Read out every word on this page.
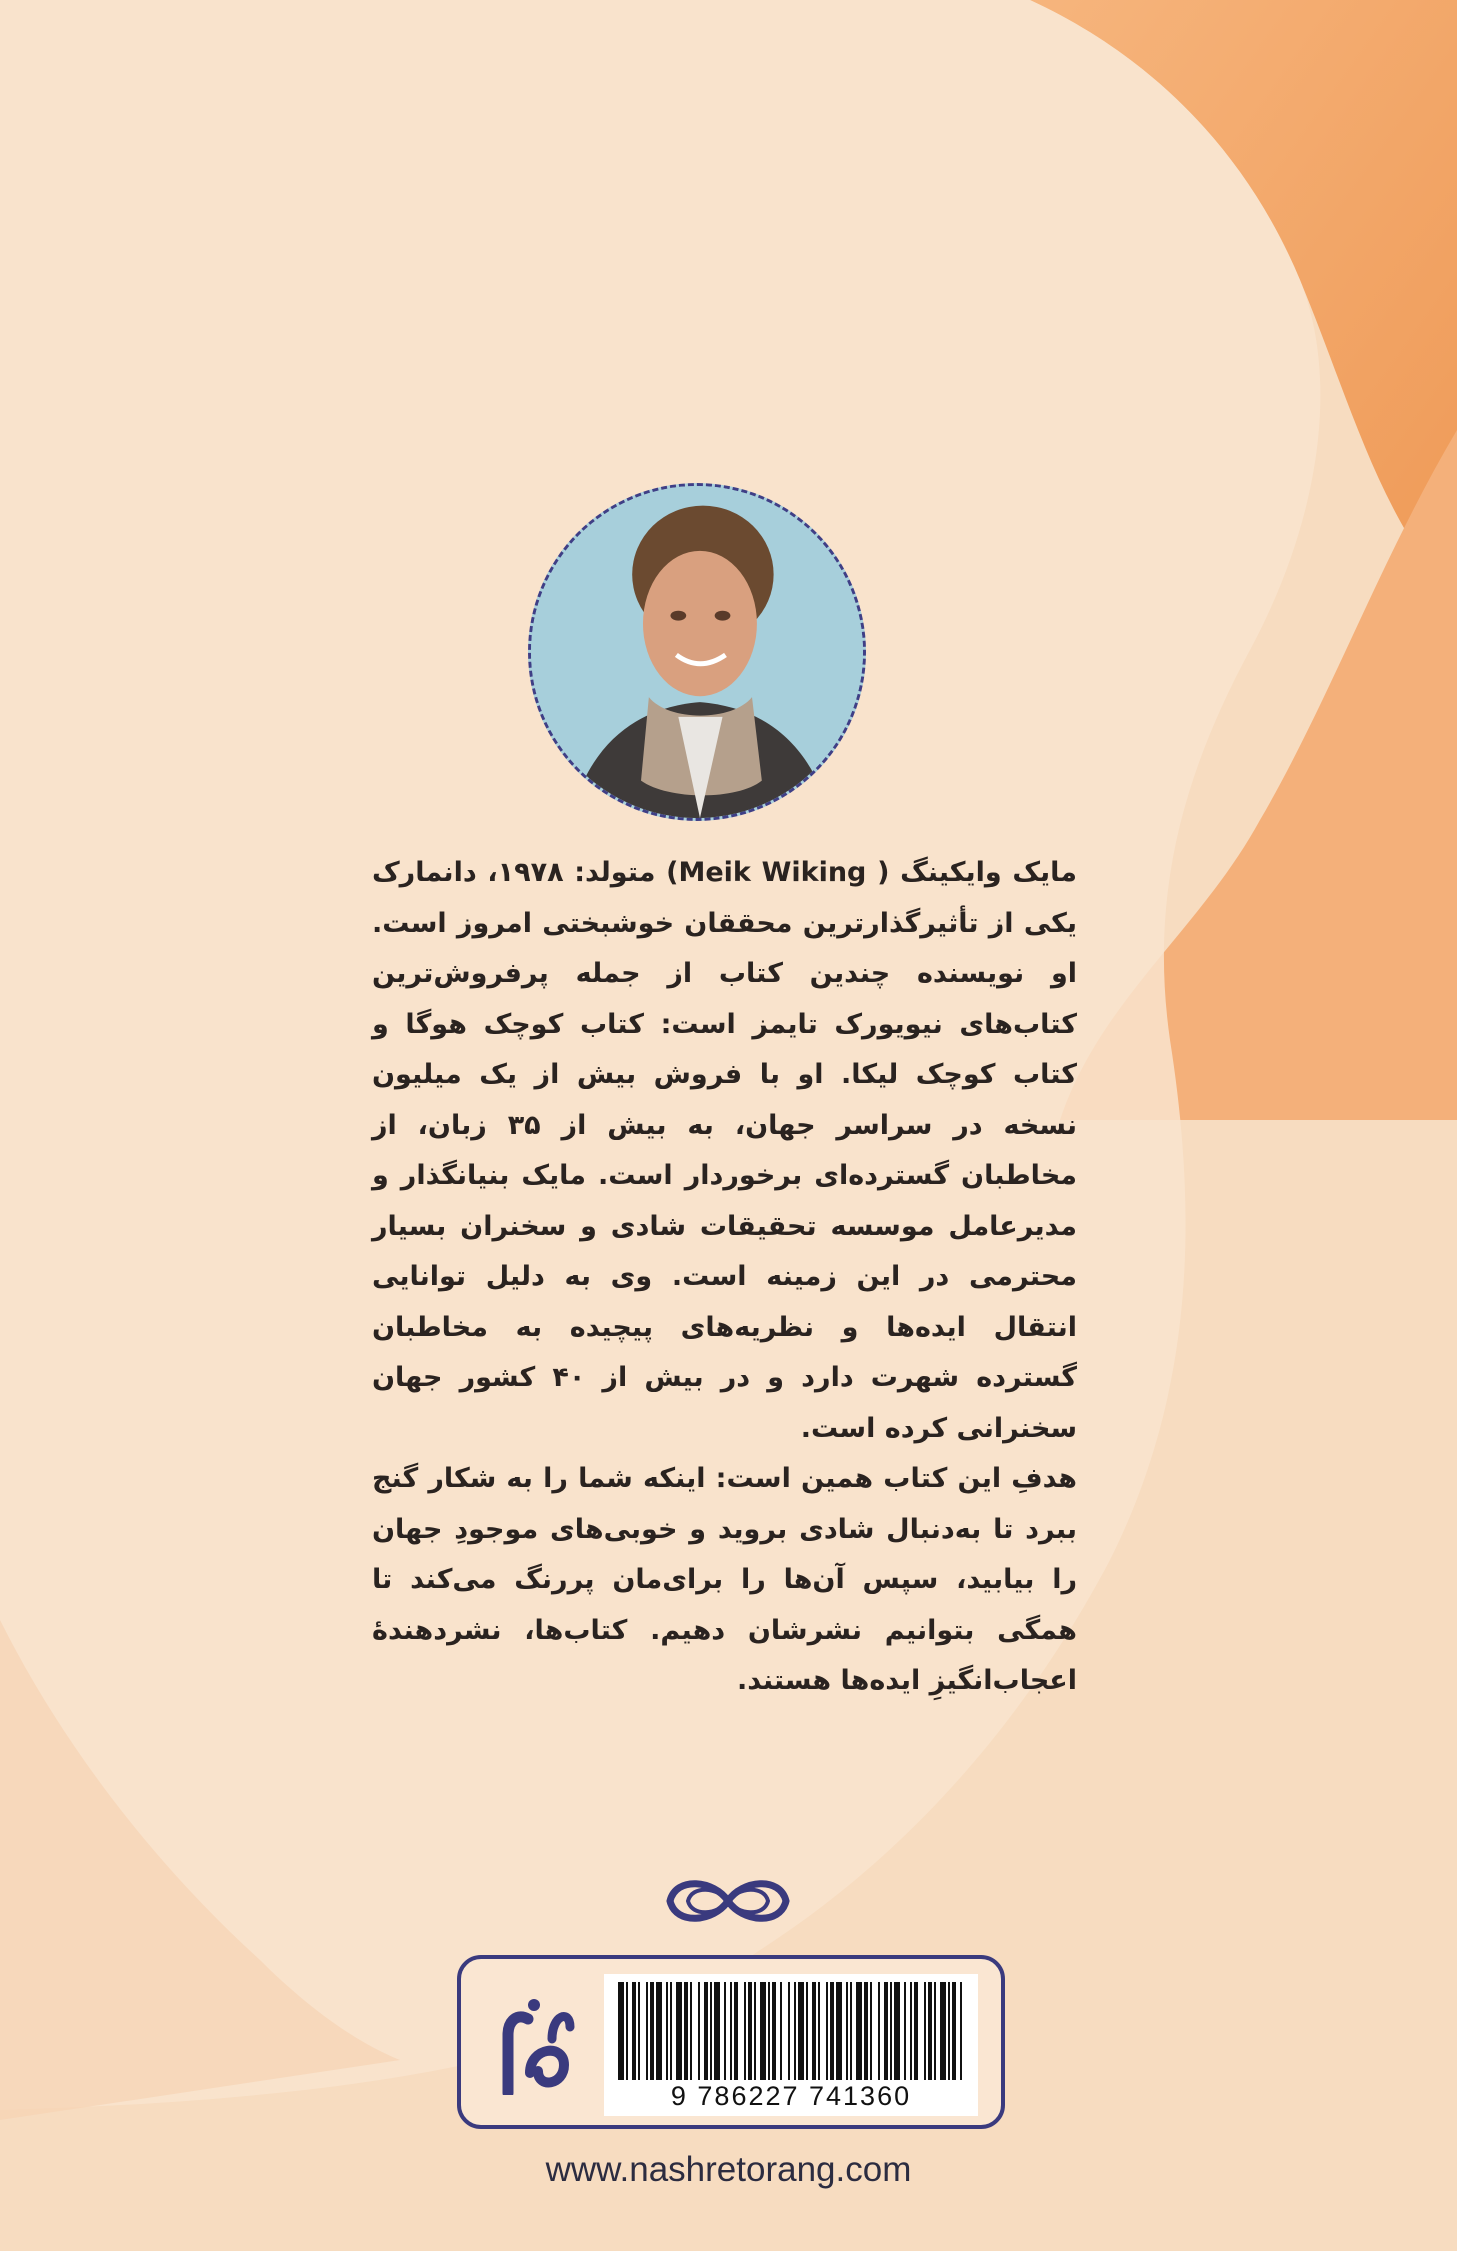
مایک وایکینگ ( Meik Wiking) متولد: ۱۹۷۸، دانمارک یکی از تأثیرگذارترین محققان خوشبختی امروز است. او نویسنده چندین کتاب از جمله پرفروش‌ترین کتاب‌های نیویورک تایمز است: کتاب کوچک هوگا و کتاب کوچک لیکا. او با فروش بیش از یک میلیون نسخه در سراسر جهان، به بیش از ۳۵ زبان، از مخاطبان گسترده‌ای برخوردار است. مایک بنیانگذار و مدیرعامل موسسه تحقیقات شادی و سخنران بسیار محترمی در این زمینه است. وی به دلیل توانایی انتقال ایده‌ها و نظریه‌های پیچیده به مخاطبان گسترده شهرت دارد و در بیش از ۴۰ کشور جهان سخنرانی کرده است.

هدفِ این کتاب همین است: اینکه شما را به شکار گنج ببرد تا به‌دنبال شادی بروید و خوبی‌های موجودِ جهان را بیابید، سپس آن‌ها را برای‌مان پررنگ می‌کند تا همگی بتوانیم نشرشان دهیم. کتاب‌ها، نشردهندهٔ اعجاب‌انگیزِ ایده‌ها هستند.

9 786227 741360
www.nashretorang.com
